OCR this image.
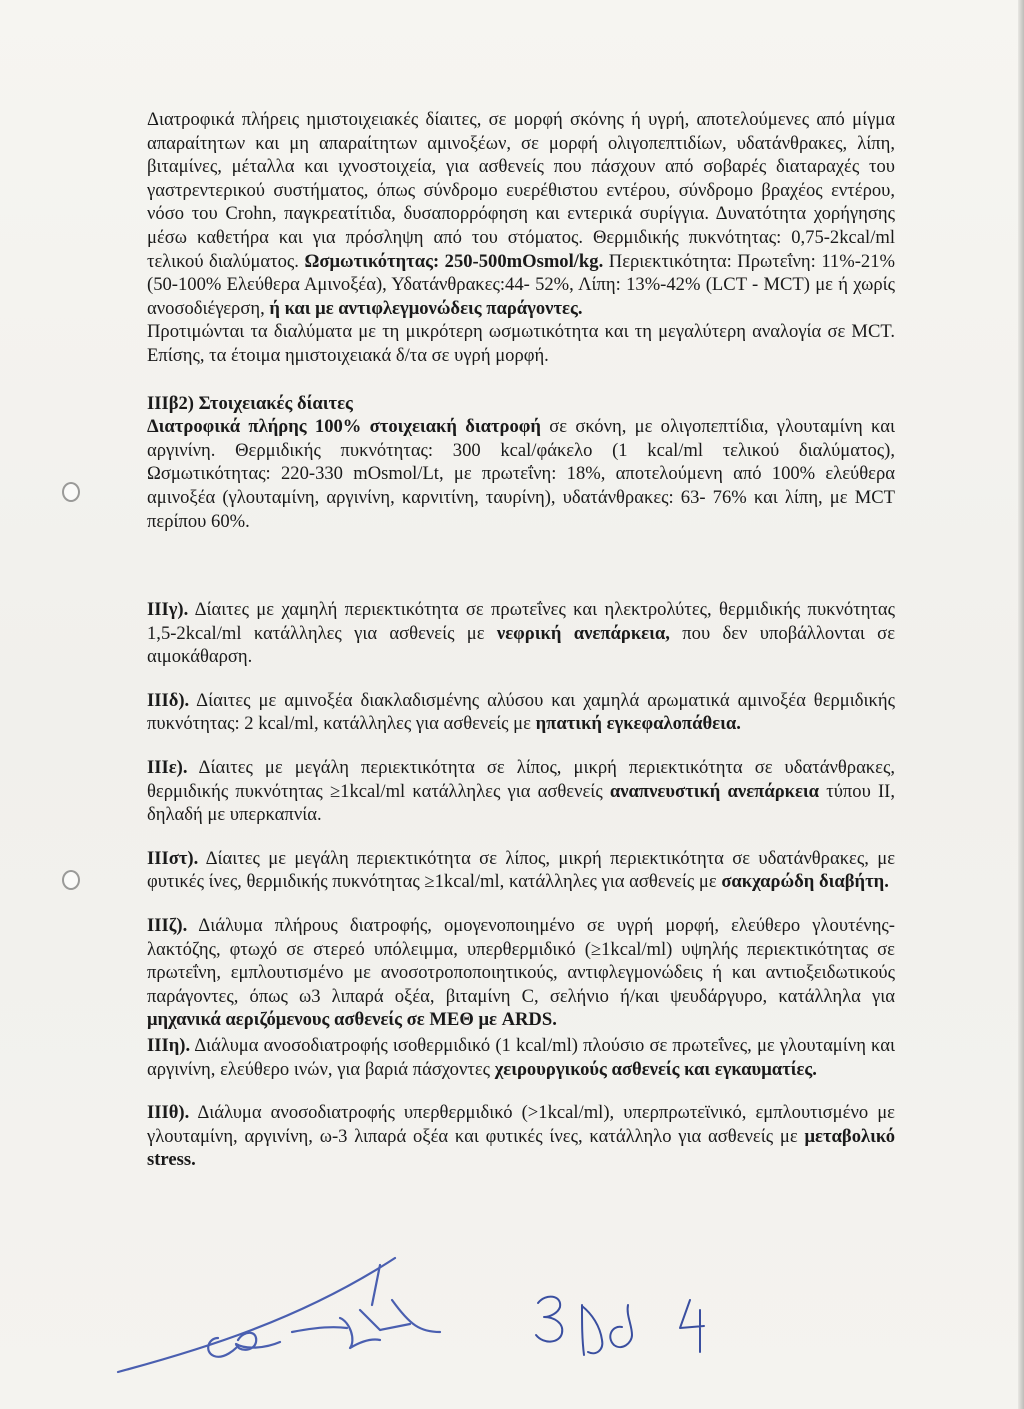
Διατροφικά πλήρεις ημιστοιχειακές δίαιτες, σε μορφή σκόνης ή υγρή, αποτελούμενες από μίγμα απαραίτητων και μη απαραίτητων αμινοξέων, σε μορφή ολιγοπεπτιδίων, υδατάνθρακες, λίπη, βιταμίνες, μέταλλα και ιχνοστοιχεία, για ασθενείς που πάσχουν από σοβαρές διαταραχές του γαστρεντερικού συστήματος, όπως σύνδρομο ευερέθιστου εντέρου, σύνδρομο βραχέος εντέρου, νόσο του Crohn, παγκρεατίτιδα, δυσαπορρόφηση και εντερικά συρίγγια. Δυνατότητα χορήγησης μέσω καθετήρα και για πρόσληψη από του στόματος. Θερμιδικής πυκνότητας: 0,75-2kcal/ml τελικού διαλύματος. Ωσμωτικότητας: 250-500mOsmol/kg. Περιεκτικότητα: Πρωτεΐνη: 11%-21% (50-100% Ελεύθερα Αμινοξέα), Υδατάνθρακες:44- 52%, Λίπη: 13%-42% (LCT - MCT) με ή χωρίς ανοσοδιέγερση, ή και με αντιφλεγμονώδεις παράγοντες.

Προτιμώνται τα διαλύματα με τη μικρότερη ωσμωτικότητα και τη μεγαλύτερη αναλογία σε MCT. Επίσης, τα έτοιμα ημιστοιχειακά δ/τα σε υγρή μορφή.

ΙΙΙβ2) Στοιχειακές δίαιτες
Διατροφικά πλήρης 100% στοιχειακή διατροφή σε σκόνη, με ολιγοπεπτίδια, γλουταμίνη και αργινίνη. Θερμιδικής πυκνότητας: 300 kcal/φάκελο (1 kcal/ml τελικού διαλύματος), Ωσμωτικότητας: 220-330 mOsmol/Lt, με πρωτεΐνη: 18%, αποτελούμενη από 100% ελεύθερα αμινοξέα (γλουταμίνη, αργινίνη, καρνιτίνη, ταυρίνη), υδατάνθρακες: 63- 76% και λίπη, με MCT περίπου 60%.

ΙΙΙγ). Δίαιτες με χαμηλή περιεκτικότητα σε πρωτεΐνες και ηλεκτρολύτες, θερμιδικής πυκνότητας 1,5-2kcal/ml κατάλληλες για ασθενείς με νεφρική ανεπάρκεια, που δεν υποβάλλονται σε αιμοκάθαρση.

ΙΙΙδ). Δίαιτες με αμινοξέα διακλαδισμένης αλύσου και χαμηλά αρωματικά αμινοξέα θερμιδικής πυκνότητας: 2 kcal/ml, κατάλληλες για ασθενείς με ηπατική εγκεφαλοπάθεια.

ΙΙΙε). Δίαιτες με μεγάλη περιεκτικότητα σε λίπος, μικρή περιεκτικότητα σε υδατάνθρακες, θερμιδικής πυκνότητας ≥1kcal/ml κατάλληλες για ασθενείς αναπνευστική ανεπάρκεια τύπου ΙΙ, δηλαδή με υπερκαπνία.

ΙΙΙστ). Δίαιτες με μεγάλη περιεκτικότητα σε λίπος, μικρή περιεκτικότητα σε υδατάνθρακες, με φυτικές ίνες, θερμιδικής πυκνότητας ≥1kcal/ml, κατάλληλες για ασθενείς με σακχαρώδη διαβήτη.

ΙΙΙζ). Διάλυμα πλήρους διατροφής, ομογενοποιημένο σε υγρή μορφή, ελεύθερο γλουτένης-λακτόζης, φτωχό σε στερεό υπόλειμμα, υπερθερμιδικό (≥1kcal/ml) υψηλής περιεκτικότητας σε πρωτεΐνη, εμπλουτισμένο με ανοσοτροποποιητικούς, αντιφλεγμονώδεις ή και αντιοξειδωτικούς παράγοντες, όπως ω3 λιπαρά οξέα, βιταμίνη C, σελήνιο ή/και ψευδάργυρο, κατάλληλα για μηχανικά αεριζόμενους ασθενείς σε ΜΕΘ με ARDS.

ΙΙΙη). Διάλυμα ανοσοδιατροφής ισοθερμιδικό (1 kcal/ml) πλούσιο σε πρωτεΐνες, με γλουταμίνη και αργινίνη, ελεύθερο ινών, για βαριά πάσχοντες χειρουργικούς ασθενείς και εγκαυματίες.

ΙΙΙθ). Διάλυμα ανοσοδιατροφής υπερθερμιδικό (>1kcal/ml), υπερπρωτεϊνικό, εμπλουτισμένο με γλουταμίνη, αργινίνη, ω-3 λιπαρά οξέα και φυτικές ίνες, κατάλληλο για ασθενείς με μεταβολικό stress.
